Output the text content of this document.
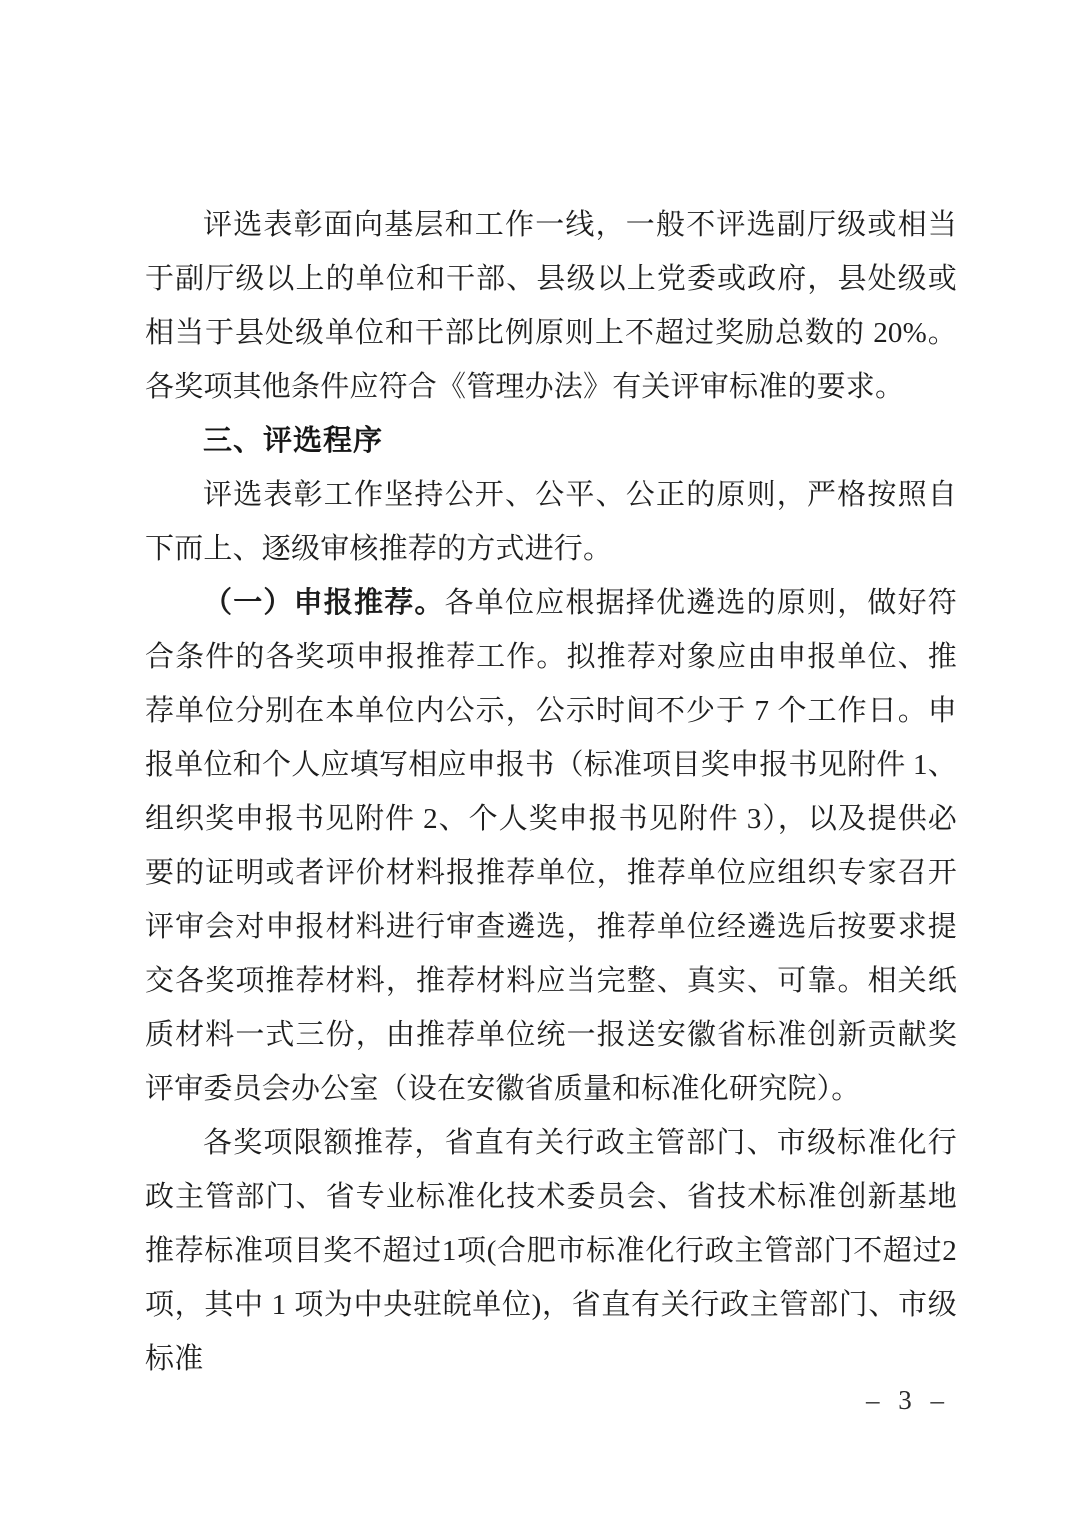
评选表彰面向基层和工作一线，一般不评选副厅级或相当于副厅级以上的单位和干部、县级以上党委或政府，县处级或相当于县处级单位和干部比例原则上不超过奖励总数的 20%。各奖项其他条件应符合《管理办法》有关评审标准的要求。

三、评选程序

评选表彰工作坚持公开、公平、公正的原则，严格按照自下而上、逐级审核推荐的方式进行。

（一）申报推荐。各单位应根据择优遴选的原则，做好符合条件的各奖项申报推荐工作。拟推荐对象应由申报单位、推荐单位分别在本单位内公示，公示时间不少于 7 个工作日。申报单位和个人应填写相应申报书（标准项目奖申报书见附件 1、组织奖申报书见附件 2、个人奖申报书见附件 3），以及提供必要的证明或者评价材料报推荐单位，推荐单位应组织专家召开评审会对申报材料进行审查遴选，推荐单位经遴选后按要求提交各奖项推荐材料，推荐材料应当完整、真实、可靠。相关纸质材料一式三份，由推荐单位统一报送安徽省标准创新贡献奖评审委员会办公室（设在安徽省质量和标准化研究院）。

各奖项限额推荐，省直有关行政主管部门、市级标准化行政主管部门、省专业标准化技术委员会、省技术标准创新基地推荐标准项目奖不超过1项(合肥市标准化行政主管部门不超过2项，其中 1 项为中央驻皖单位)，省直有关行政主管部门、市级标准

– 3 –
